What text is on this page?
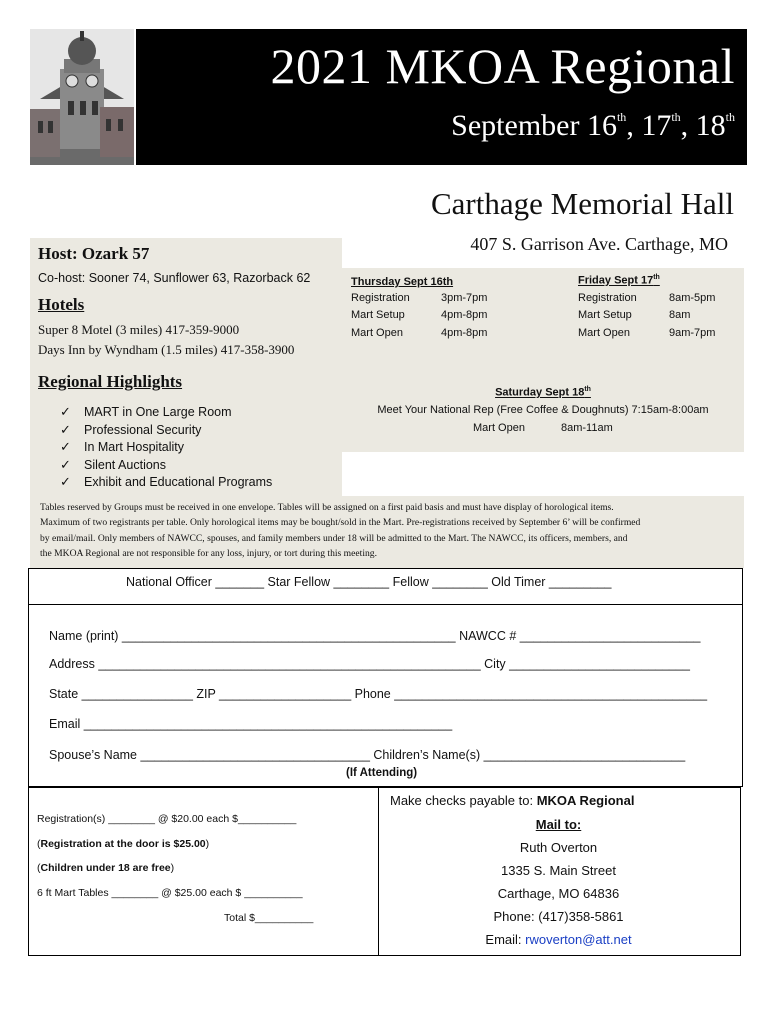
2021 MKOA Regional
September 16th, 17th, 18th
Carthage Memorial Hall
407 S. Garrison Ave. Carthage, MO
Host: Ozark 57
Co-host: Sooner 74, Sunflower 63, Razorback 62
Hotels
Super 8 Motel (3 miles) 417-359-9000
Days Inn by Wyndham (1.5 miles) 417-358-3900
Regional Highlights
✓ MART in One Large Room
✓ Professional Security
✓ In Mart Hospitality
✓ Silent Auctions
✓ Exhibit and Educational Programs
Thursday Sept 16th
Registration	3pm-7pm
Mart Setup	4pm-8pm
Mart Open	4pm-8pm
Friday Sept 17th
Registration	8am-5pm
Mart Setup	8am
Mart Open	9am-7pm
Saturday Sept 18th
Meet Your National Rep (Free Coffee & Doughnuts) 7:15am-8:00am
Mart Open	8am-11am
Tables reserved by Groups must be received in one envelope. Tables will be assigned on a first paid basis and must have display of horological items.
Maximum of two registrants per table. Only horological items may be bought/sold in the Mart. Pre-registrations received by September 6’ will be confirmed
by email/mail. Only members of NAWCC, spouses, and family members under 18 will be admitted to the Mart. The NAWCC, its officers, members, and
the MKOA Regional are not responsible for any loss, injury, or tort during this meeting.
National Officer _______ Star Fellow ________ Fellow ________ Old Timer _________
Name (print) ________________________________________________ NAWCC # __________________________
Address _______________________________________________________ City __________________________
State ________________ ZIP ___________________ Phone _____________________________________________
Email _____________________________________________________
Spouse’s Name _________________________________ Children’s Name(s) _____________________________
(If Attending)
Registration(s) ________ @ $20.00 each $__________
(Registration at the door is $25.00)
(Children under 18 are free)
6 ft Mart Tables ________ @ $25.00 each $ __________
Total $__________
Make checks payable to: MKOA Regional
Mail to:
Ruth Overton
1335 S. Main Street
Carthage, MO 64836
Phone: (417)358-5861
Email: rwoverton@att.net
